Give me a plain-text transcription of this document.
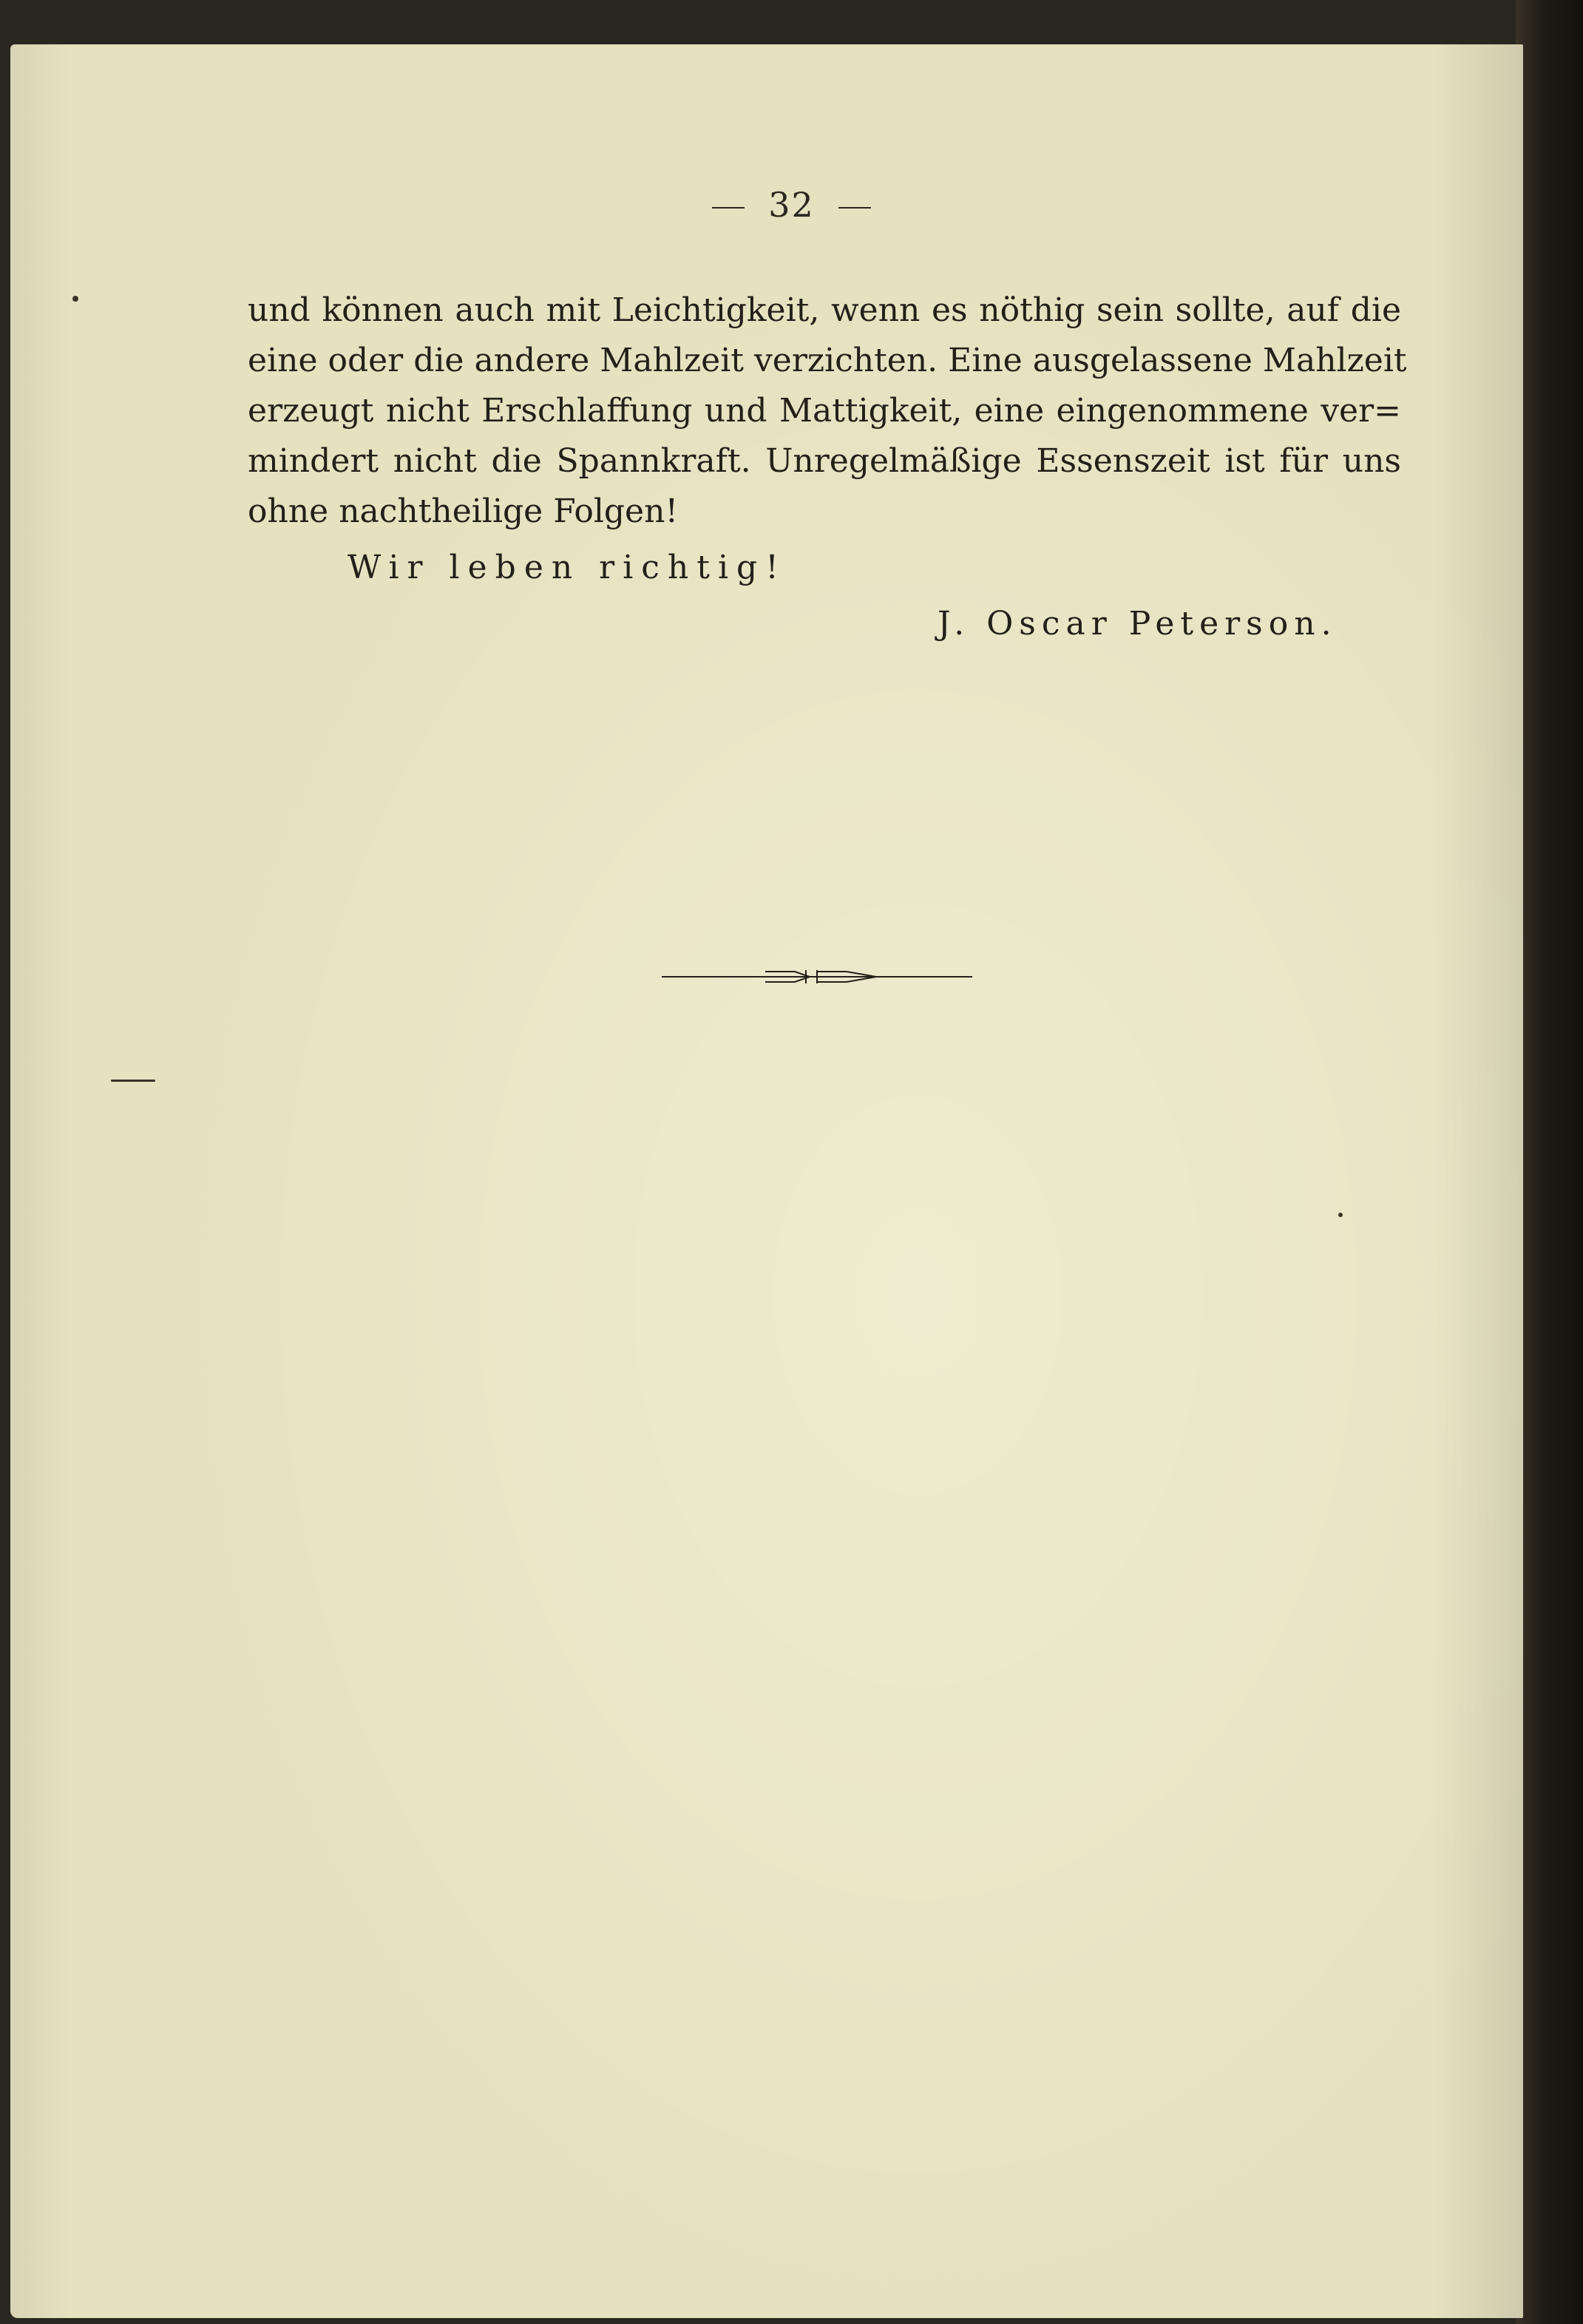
32
und können auch mit Leichtigkeit, wenn es nöthig sein sollte, auf die
eine oder die andere Mahlzeit verzichten. Eine ausgelassene Mahlzeit
erzeugt nicht Erschlaffung und Mattigkeit, eine eingenommene ver=
mindert nicht die Spannkraft. Unregelmäßige Essenszeit ist für uns
ohne nachtheilige Folgen!
Wir leben richtig!
J. Oscar Peterson.
